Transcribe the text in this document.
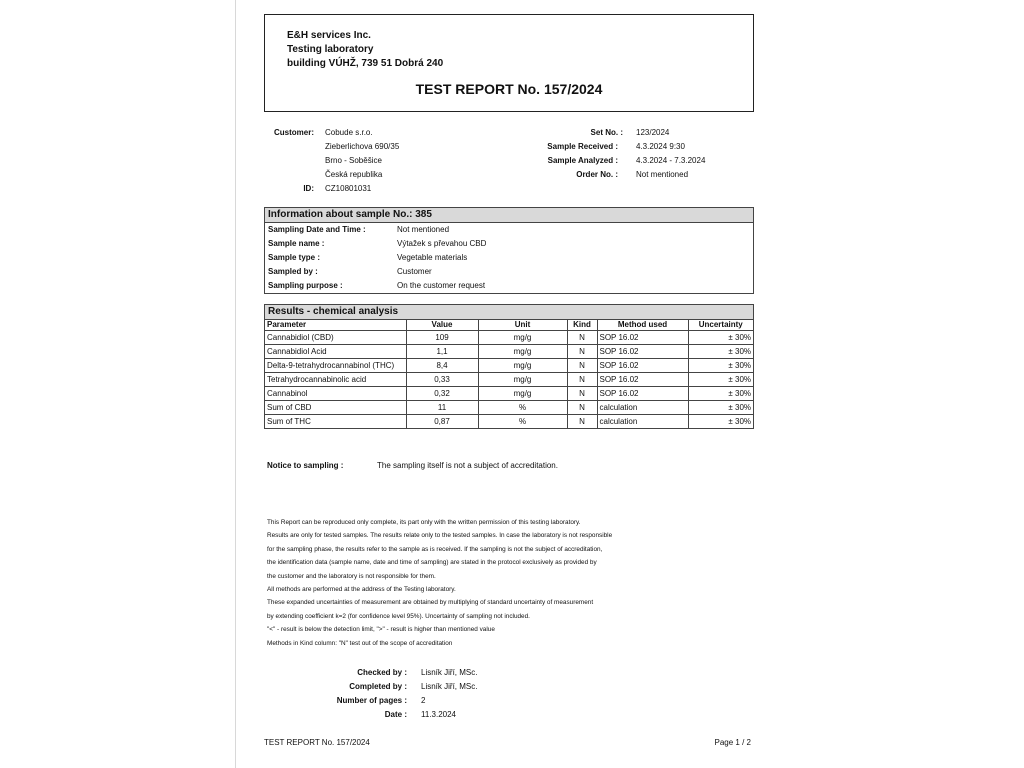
E&H services Inc.
Testing laboratory
building VÚHŽ, 739 51 Dobrá 240
TEST REPORT No. 157/2024
Customer: Cobude s.r.o.
Zieberlichova 690/35
Brno - Soběšice
Česká republika
ID: CZ10801031
Set No. : 123/2024
Sample Received : 4.3.2024 9:30
Sample Analyzed : 4.3.2024 - 7.3.2024
Order No. : Not mentioned
Information about sample No.: 385
Sampling Date and Time :	Not mentioned
Sample name :	Výtažek s převahou CBD
Sample type :	Vegetable materials
Sampled by :	Customer
Sampling purpose :	On the customer request
Results - chemical analysis
Parameter	Value	Unit	Kind	Method used	Uncertainty
Cannabidiol (CBD)	109	mg/g	N	SOP 16.02	± 30%
Cannabidiol Acid	1,1	mg/g	N	SOP 16.02	± 30%
Delta-9-tetrahydrocannabinol (THC)	8,4	mg/g	N	SOP 16.02	± 30%
Tetrahydrocannabinolic acid	0,33	mg/g	N	SOP 16.02	± 30%
Cannabinol	0,32	mg/g	N	SOP 16.02	± 30%
Sum of CBD	11	%	N	calculation	± 30%
Sum of THC	0,87	%	N	calculation	± 30%
Notice to sampling :	The sampling itself is not a subject of accreditation.
This Report can be reproduced only complete, its part only with the written permission of this testing laboratory.
Results are only for tested samples. The results relate only to the tested samples. In case the laboratory is not responsible
for the sampling phase, the results refer to the sample as is received. If the sampling is not the subject of accreditation,
the identification data (sample name, date and time of sampling) are stated in the protocol exclusively as provided by
the customer and the laboratory is not responsible for them.
All methods are performed at the address of the Testing laboratory.
These expanded uncertainties of measurement are obtained by multiplying of standard uncertainty of measurement
by extending coefficient k=2 (for confidence level 95%). Uncertainty of sampling not included.
"<" - result is below the detection limit, ">" - result is higher than mentioned value
Methods in Kind column: "N" test out of the scope of accreditation
Checked by : Lisník Jiří, MSc.
Completed by : Lisník Jiří, MSc.
Number of pages : 2
Date : 11.3.2024
TEST REPORT No. 157/2024	Page 1 / 2
